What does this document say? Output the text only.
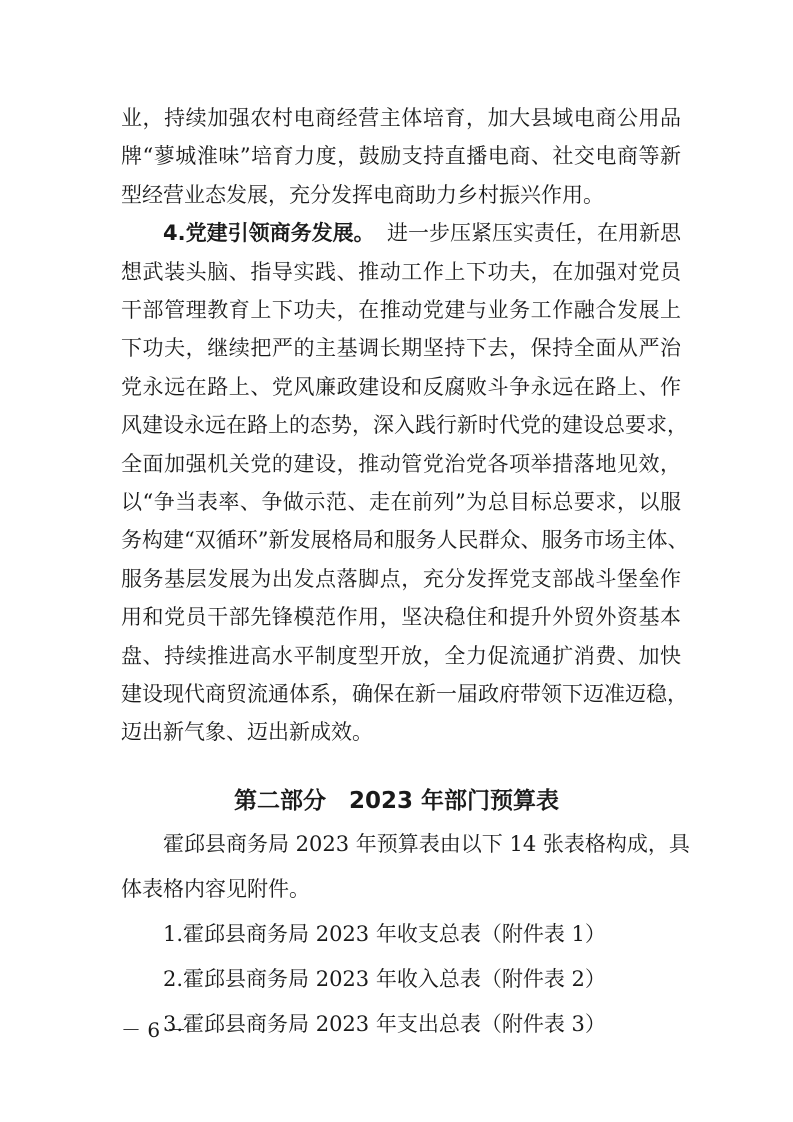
业，持续加强农村电商经营主体培育，加大县域电商公用品
牌“蓼城淮味”培育力度，鼓励支持直播电商、社交电商等新
型经营业态发展，充分发挥电商助力乡村振兴作用。
4.党建引领商务发展。 进一步压紧压实责任，在用新思
想武装头脑、指导实践、推动工作上下功夫，在加强对党员
干部管理教育上下功夫，在推动党建与业务工作融合发展上
下功夫，继续把严的主基调长期坚持下去，保持全面从严治
党永远在路上、党风廉政建设和反腐败斗争永远在路上、作
风建设永远在路上的态势，深入践行新时代党的建设总要求，
全面加强机关党的建设，推动管党治党各项举措落地见效，
以“争当表率、争做示范、走在前列”为总目标总要求，以服
务构建“双循环”新发展格局和服务人民群众、服务市场主体、
服务基层发展为出发点落脚点，充分发挥党支部战斗堡垒作
用和党员干部先锋模范作用，坚决稳住和提升外贸外资基本
盘、持续推进高水平制度型开放，全力促流通扩消费、加快
第二部分　2023 年部门预算表
霍邱县商务局 2023 年预算表由以下 14 张表格构成，具
体表格内容见附件。
1.霍邱县商务局 2023 年收支总表（附件表 1）
2.霍邱县商务局 2023 年收入总表（附件表 2）
3.霍邱县商务局 2023 年支出总表（附件表 3）
－ 6 －
建设现代商贸流通体系，确保在新一届政府带领下迈准迈稳，
迈出新气象、迈出新成效。
